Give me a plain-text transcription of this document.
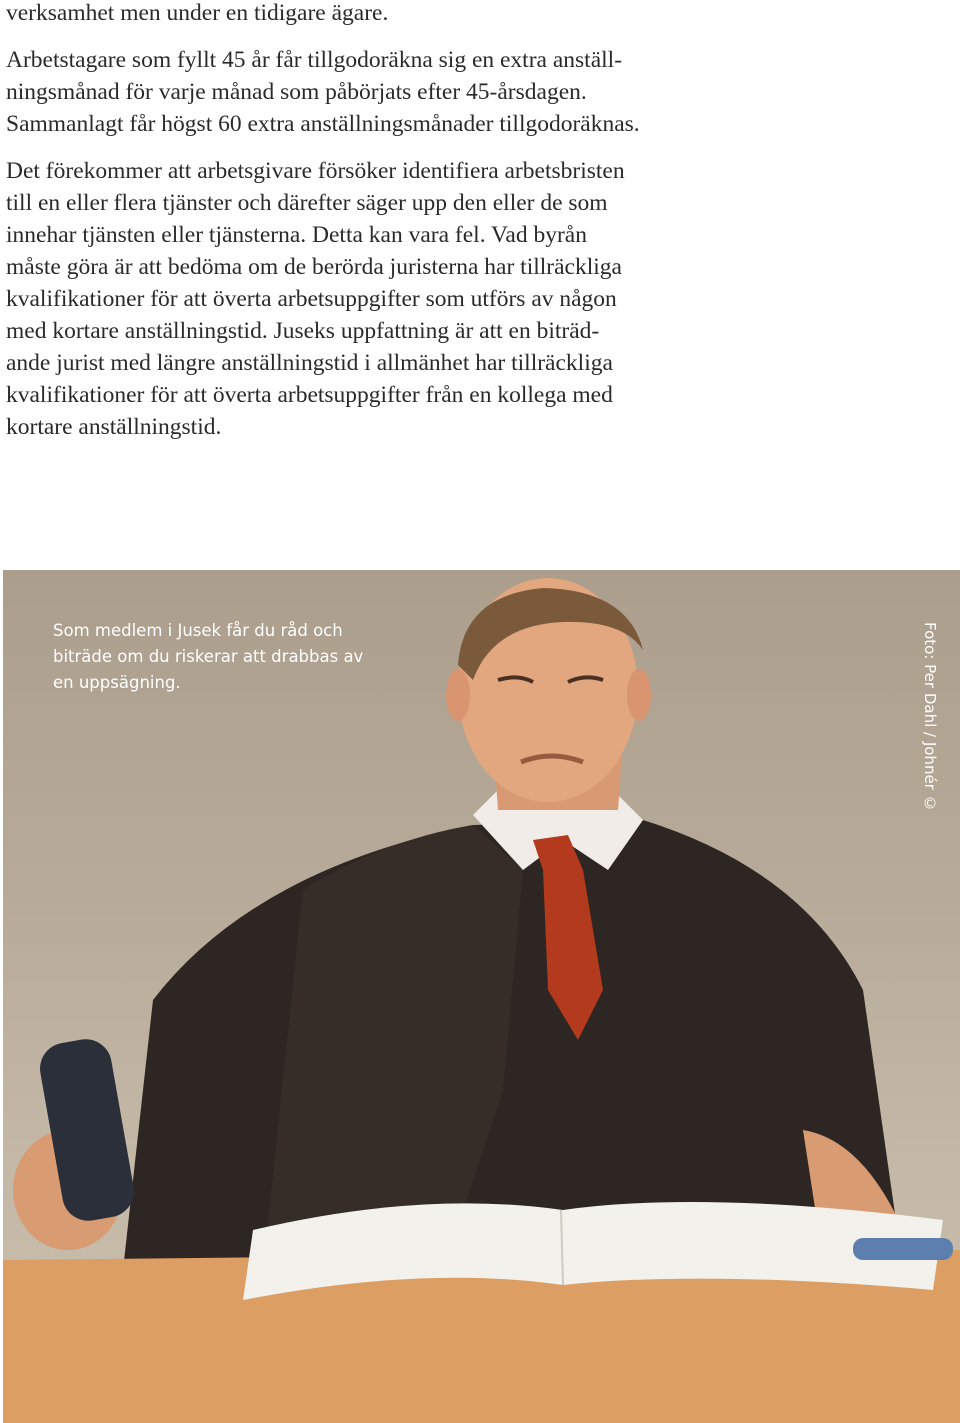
verksamhet men under en tidigare ägare.

Arbetstagare som fyllt 45 år får tillgodoräkna sig en extra anställ-

ningsmånad för varje månad som påbörjats efter 45-årsdagen.

Sammanlagt får högst 60 extra anställningsmånader tillgodoräknas.

Det förekommer att arbetsgivare försöker identifiera arbetsbristen

till en eller flera tjänster och därefter säger upp den eller de som

innehar tjänsten eller tjänsterna. Detta kan vara fel. Vad byrån

måste göra är att bedöma om de berörda juristerna har tillräckliga

kvalifikationer för att överta arbetsuppgifter som utförs av någon

med kortare anställningstid. Juseks uppfattning är att en biträd-

ande jurist med längre anställningstid i allmänhet har tillräckliga

kvalifikationer för att överta arbetsuppgifter från en kollega med

kortare anställningstid.

Som medlem i Jusek får du råd och
biträde om du riskerar att drabbas av
en uppsägning.	Foto: Per Dahl / Johnér ©
